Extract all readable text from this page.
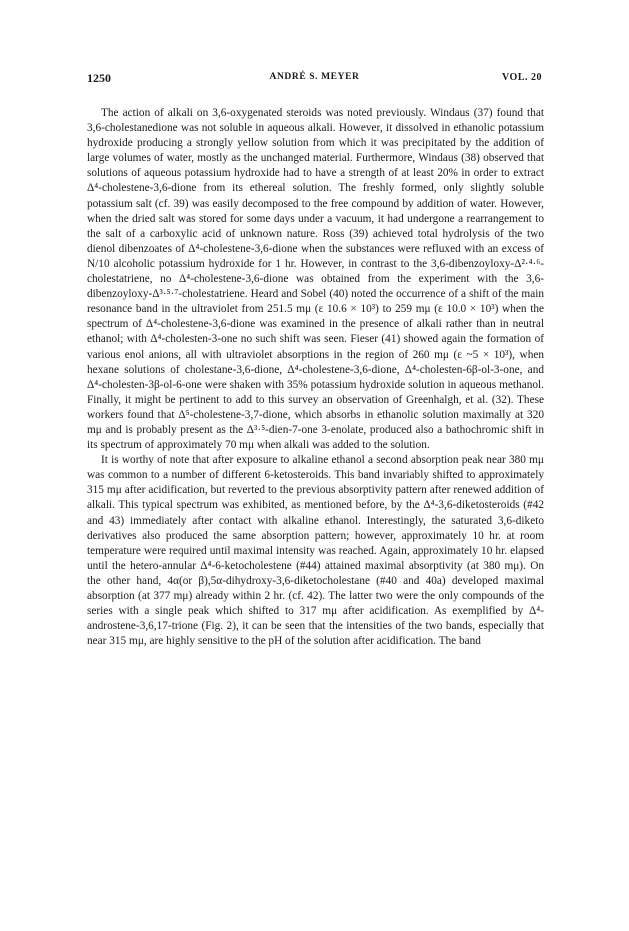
1250	ANDRÉ S. MEYER	VOL. 20

The action of alkali on 3,6-oxygenated steroids was noted previously. Windaus (37) found that 3,6-cholestanedione was not soluble in aqueous alkali. However, it dissolved in ethanolic potassium hydroxide producing a strongly yellow solution from which it was precipitated by the addition of large volumes of water, mostly as the unchanged material. Furthermore, Windaus (38) observed that solutions of aqueous potassium hydroxide had to have a strength of at least 20% in order to extract Δ⁴-cholestene-3,6-dione from its ethereal solution. The freshly formed, only slightly soluble potassium salt (cf. 39) was easily decomposed to the free compound by addition of water. However, when the dried salt was stored for some days under a vacuum, it had undergone a rearrangement to the salt of a carboxylic acid of unknown nature. Ross (39) achieved total hydrolysis of the two dienol dibenzoates of Δ⁴-cholestene-3,6-dione when the substances were refluxed with an excess of N/10 alcoholic potassium hydroxide for 1 hr. However, in contrast to the 3,6-dibenzoyloxy-Δ²·⁴·⁶-cholestatriene, no Δ⁴-cholestene-3,6-dione was obtained from the experiment with the 3,6-dibenzoyloxy-Δ³·⁵·⁷-cholestatriene. Heard and Sobel (40) noted the occurrence of a shift of the main resonance band in the ultraviolet from 251.5 mμ (ε 10.6 × 10³) to 259 mμ (ε 10.0 × 10³) when the spectrum of Δ⁴-cholestene-3,6-dione was examined in the presence of alkali rather than in neutral ethanol; with Δ⁴-cholesten-3-one no such shift was seen. Fieser (41) showed again the formation of various enol anions, all with ultraviolet absorptions in the region of 260 mμ (ε ~5 × 10³), when hexane solutions of cholestane-3,6-dione, Δ⁴-cholestene-3,6-dione, Δ⁴-cholesten-6β-ol-3-one, and Δ⁴-cholesten-3β-ol-6-one were shaken with 35% potassium hydroxide solution in aqueous methanol. Finally, it might be pertinent to add to this survey an observation of Greenhalgh, et al. (32). These workers found that Δ⁵-cholestene-3,7-dione, which absorbs in ethanolic solution maximally at 320 mμ and is probably present as the Δ³·⁵-dien-7-one 3-enolate, produced also a bathochromic shift in its spectrum of approximately 70 mμ when alkali was added to the solution.

It is worthy of note that after exposure to alkaline ethanol a second absorption peak near 380 mμ was common to a number of different 6-ketosteroids. This band invariably shifted to approximately 315 mμ after acidification, but reverted to the previous absorptivity pattern after renewed addition of alkali. This typical spectrum was exhibited, as mentioned before, by the Δ⁴-3,6-diketosteroids (#42 and 43) immediately after contact with alkaline ethanol. Interestingly, the saturated 3,6-diketo derivatives also produced the same absorption pattern; however, approximately 10 hr. at room temperature were required until maximal intensity was reached. Again, approximately 10 hr. elapsed until the hetero-annular Δ⁴-6-ketocholestene (#44) attained maximal absorptivity (at 380 mμ). On the other hand, 4α(or β),5α-dihydroxy-3,6-diketocholestane (#40 and 40a) developed maximal absorption (at 377 mμ) already within 2 hr. (cf. 42). The latter two were the only compounds of the series with a single peak which shifted to 317 mμ after acidification. As exemplified by Δ⁴-androstene-3,6,17-trione (Fig. 2), it can be seen that the intensities of the two bands, especially that near 315 mμ, are highly sensitive to the pH of the solution after acidification. The band
